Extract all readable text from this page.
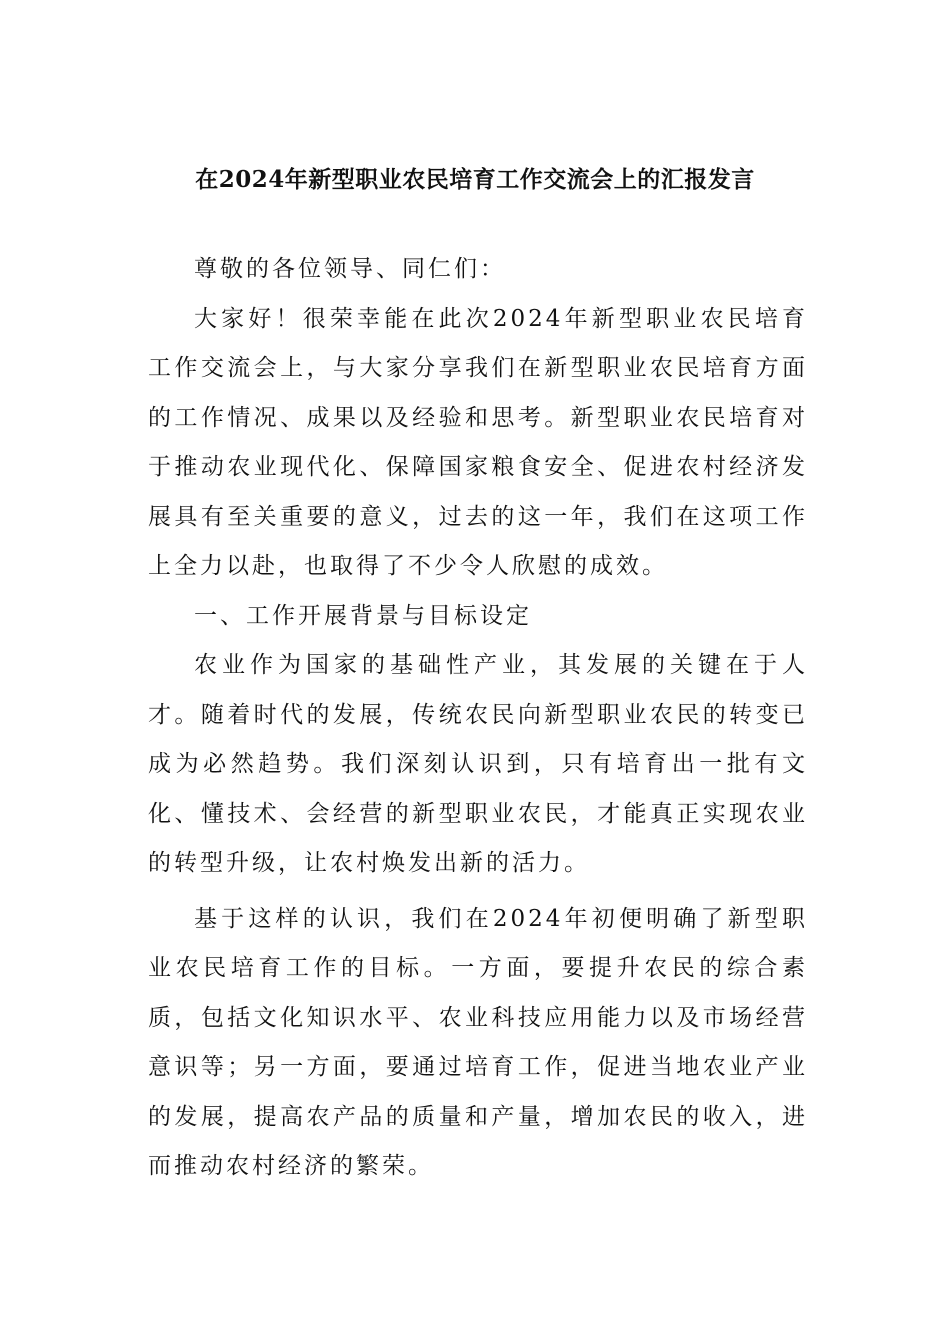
在2024年新型职业农民培育工作交流会上的汇报发言

尊敬的各位领导、同仁们：

大家好！很荣幸能在此次2024年新型职业农民培育工作交流会上，与大家分享我们在新型职业农民培育方面的工作情况、成果以及经验和思考。新型职业农民培育对于推动农业现代化、保障国家粮食安全、促进农村经济发展具有至关重要的意义，过去的这一年，我们在这项工作上全力以赴，也取得了不少令人欣慰的成效。

一、工作开展背景与目标设定

农业作为国家的基础性产业，其发展的关键在于人才。随着时代的发展，传统农民向新型职业农民的转变已成为必然趋势。我们深刻认识到，只有培育出一批有文化、懂技术、会经营的新型职业农民，才能真正实现农业的转型升级，让农村焕发出新的活力。

基于这样的认识，我们在2024年初便明确了新型职业农民培育工作的目标。一方面，要提升农民的综合素质，包括文化知识水平、农业科技应用能力以及市场经营意识等；另一方面，要通过培育工作，促进当地农业产业的发展，提高农产品的质量和产量，增加农民的收入，进而推动农村经济的繁荣。
